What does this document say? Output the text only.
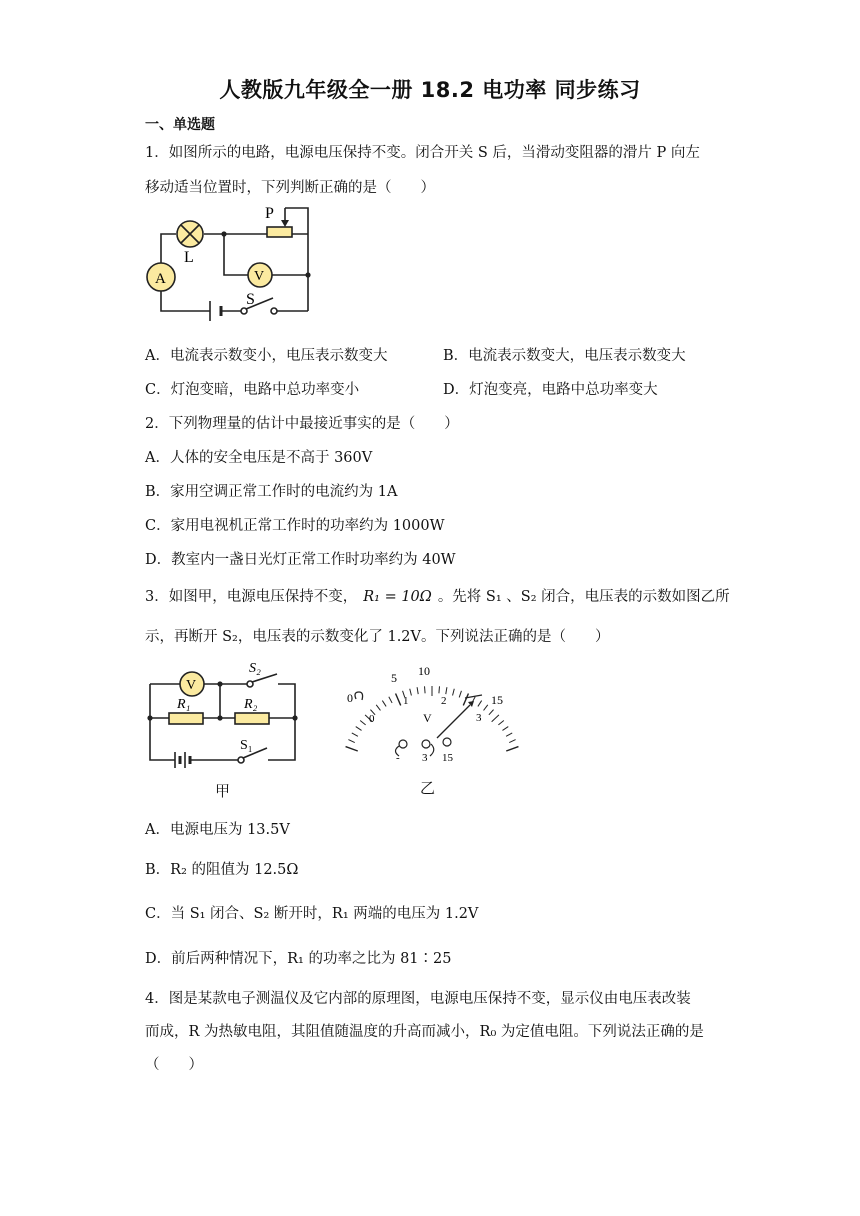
人教版九年级全一册 18.2 电功率 同步练习
一、单选题
1．如图所示的电路，电源电压保持不变。闭合开关 S 后，当滑动变阻器的滑片 P 向左
移动适当位置时，下列判断正确的是（　　）
P
L
A	V
S
A．电流表示数变小，电压表示数变大	B．电流表示数变大，电压表示数变大
C．灯泡变暗，电路中总功率变小	D．灯泡变亮，电路中总功率变大
2．下列物理量的估计中最接近事实的是（　　）
A．人体的安全电压是不高于 360V
B．家用空调正常工作时的电流约为 1A
C．家用电视机正常工作时的功率约为 1000W
D．教室内一盏日光灯正常工作时功率约为 40W
3．如图甲，电源电压保持不变， R₁ = 10Ω 。先将 S₁ 、S₂ 闭合，电压表的示数如图乙所
示，再断开 S₂，电压表的示数变化了 1.2V。下列说法正确的是（　　）
V
S₂
R₁	R₂
S₁
甲
5 10
15
0
0
1	2
3
V
- 3 15
乙
A．电源电压为 13.5V
B．R₂ 的阻值为 12.5Ω
C．当 S₁ 闭合、S₂ 断开时，R₁ 两端的电压为 1.2V
D．前后两种情况下，R₁ 的功率之比为 81∶25
4．图是某款电子测温仪及它内部的原理图，电源电压保持不变，显示仪由电压表改装
而成，R 为热敏电阻，其阻值随温度的升高而减小，R₀ 为定值电阻。下列说法正确的是
（　　）
